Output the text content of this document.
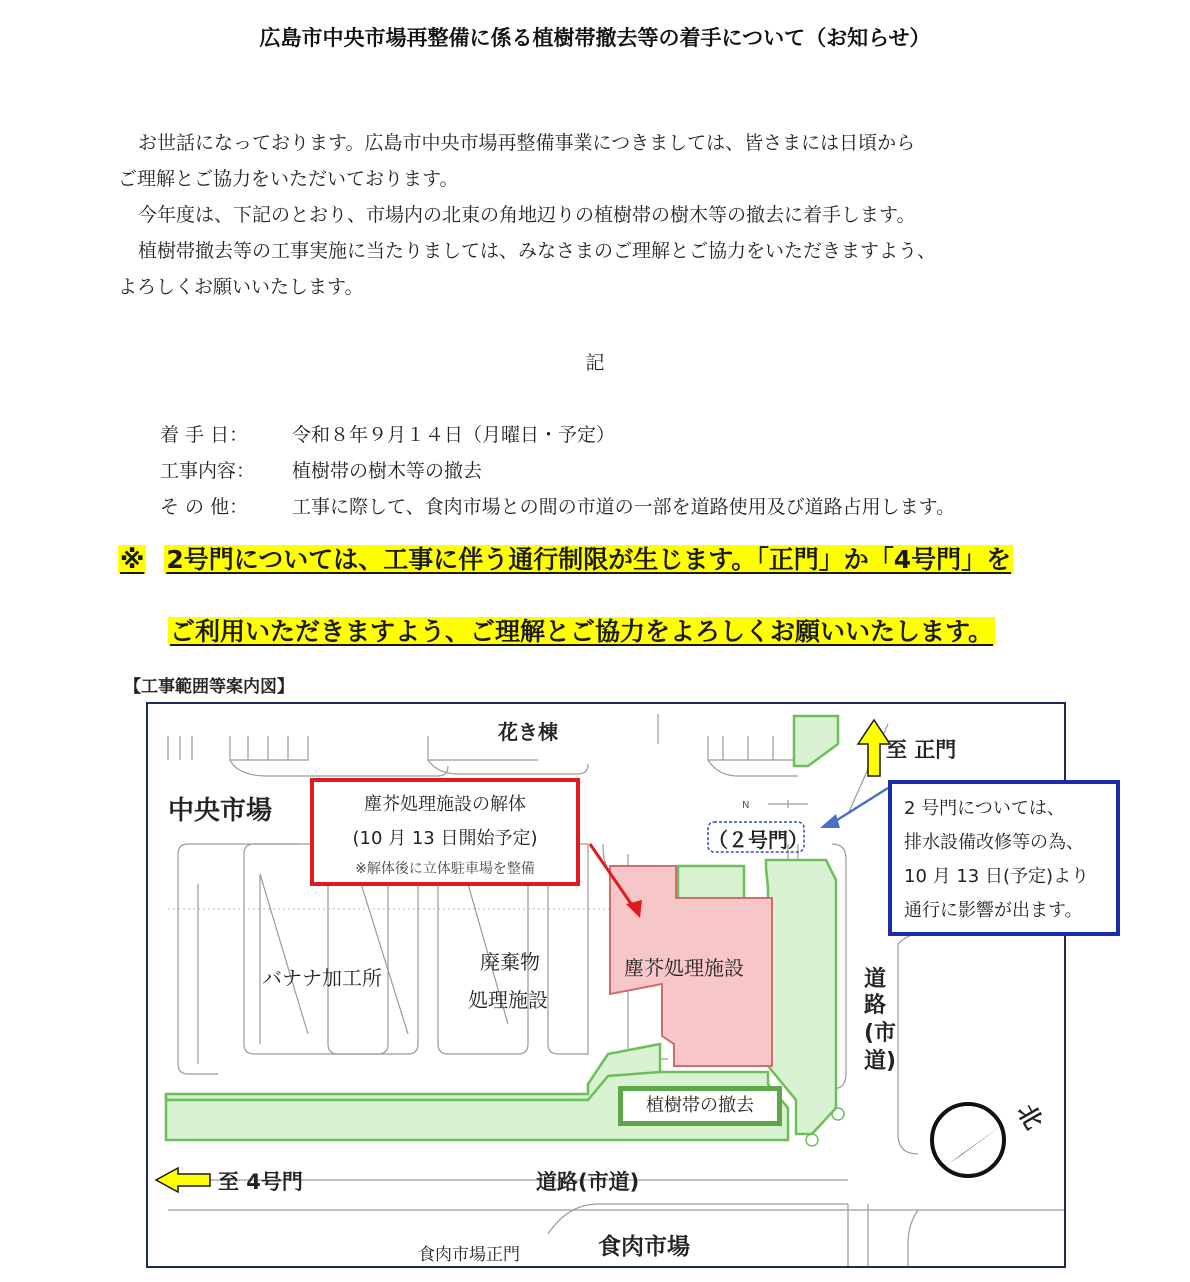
広島市中央市場再整備に係る植樹帯撤去等の着手について（お知らせ）
お世話になっております。広島市中央市場再整備事業につきましては、皆さまには日頃から
ご理解とご協力をいただいております。
今年度は、下記のとおり、市場内の北東の角地辺りの植樹帯の樹木等の撤去に着手します。
植樹帯撤去等の工事実施に当たりましては、みなさまのご理解とご協力をいただきますよう、
よろしくお願いいたします。
記
着 手 日： 令和８年９月１４日（月曜日・予定）
工事内容： 植樹帯の樹木等の撤去
そ の 他： 工事に際して、食肉市場との間の市道の一部を道路使用及び道路占用します。
※ 2号門については、工事に伴う通行制限が生じます。「正門」か「4号門」を
ご利用いただきますよう、ご理解とご協力をよろしくお願いいたします。
【工事範囲等案内図】
花き棟
中央市場
至 正門
（２号門）
N
バナナ加工所
廃棄物
処理施設
塵芥処理施設	道
路
(市
道)
植樹帯の撤去
至 4号門	道路(市道)
食肉市場正門	食肉市場
北
塵芥処理施設の解体
(10 月 13 日開始予定)
※解体後に立体駐車場を整備
2 号門については、
排水設備改修等の為、
10 月 13 日(予定)より
通行に影響が出ます。
